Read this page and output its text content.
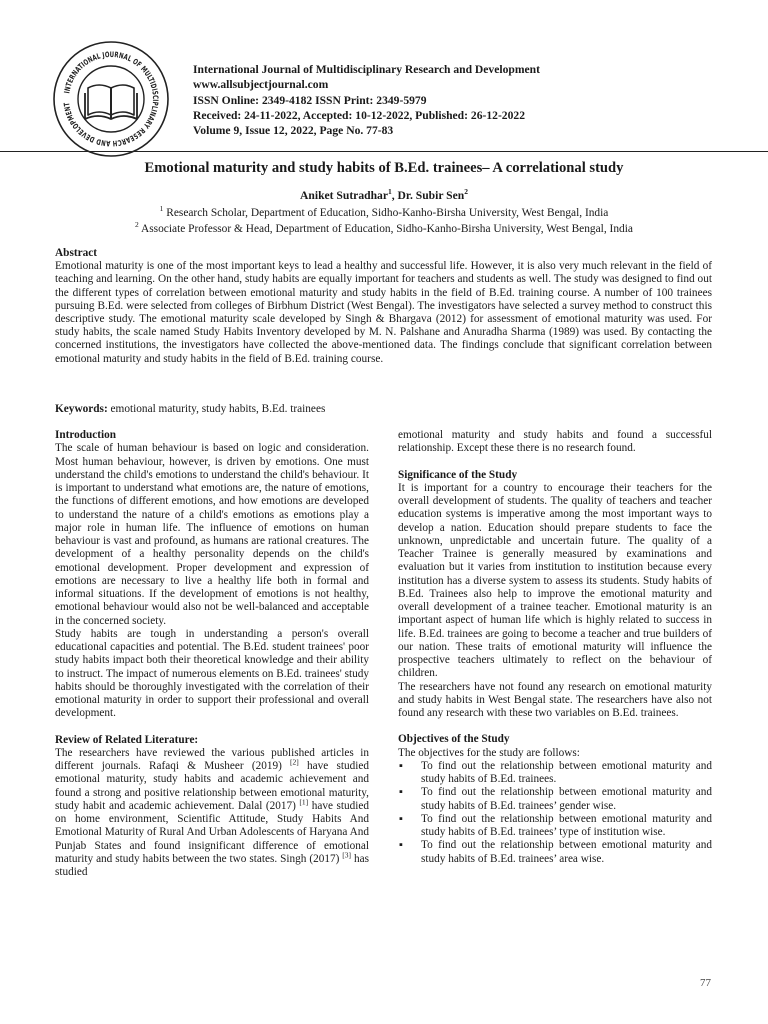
INTERNATIONAL JOURNAL OF MULTIDISCIPLINARY RESEARCH AND DEVELOPMENT
International Journal of Multidisciplinary Research and Development
www.allsubjectjournal.com
ISSN Online: 2349-4182 ISSN Print: 2349-5979
Received: 24-11-2022, Accepted: 10-12-2022, Published: 26-12-2022
Volume 9, Issue 12, 2022, Page No. 77-83
Emotional maturity and study habits of B.Ed. trainees– A correlational study
Aniket Sutradhar$^1$, Dr. Subir Sen$^2$
$^1$ Research Scholar, Department of Education, Sidho-Kanho-Birsha University, West Bengal, India
$^2$ Associate Professor & Head, Department of Education, Sidho-Kanho-Birsha University, West Bengal, India
Abstract

Emotional maturity is one of the most important keys to lead a healthy and successful life. However, it is also very much relevant in the field of teaching and learning. On the other hand, study habits are equally important for teachers and students as well. The study was designed to find out the different types of correlation between emotional maturity and study habits in the field of B.Ed. training course. A number of 100 trainees pursuing B.Ed. were selected from colleges of Birbhum District (West Bengal). The investigators have selected a survey method to construct this descriptive study. The emotional maturity scale developed by Singh & Bhargava (2012) for assessment of emotional maturity was used. For study habits, the scale named Study Habits Inventory developed by M. N. Palshane and Anuradha Sharma (1989) was used. By contacting the concerned institutions, the investigators have collected the above-mentioned data. The findings conclude that significant correlation between emotional maturity and study habits in the field of B.Ed. training course.

Keywords: emotional maturity, study habits, B.Ed. trainees
Introduction

The scale of human behaviour is based on logic and consideration. Most human behaviour, however, is driven by emotions. One must understand the child's emotions to understand the child's behaviour. It is important to understand what emotions are, the nature of emotions, the functions of different emotions, and how emotions are developed to understand the nature of a child's emotions as emotions play a major role in human life. The influence of emotions on human behaviour is vast and profound, as humans are rational creatures. The development of a healthy personality depends on the child's emotional development. Proper development and expression of emotions are necessary to live a healthy life both in formal and informal situations. If the development of emotions is not healthy, emotional behaviour would also not be well-balanced and acceptable in the concerned society.

Study habits are tough in understanding a person's overall educational capacities and potential. The B.Ed. student trainees' poor study habits impact both their theoretical knowledge and their ability to instruct. The impact of numerous elements on B.Ed. trainees' study habits should be thoroughly investigated with the correlation of their emotional maturity in order to support their professional and overall development.

Review of Related Literature:

The researchers have reviewed the various published articles in different journals. Rafaqi & Musheer (2019) [2] have studied emotional maturity, study habits and academic achievement and found a strong and positive relationship between emotional maturity, study habit and academic achievement. Dalal (2017) [1] have studied on home environment, Scientific Attitude, Study Habits And Emotional Maturity of Rural And Urban Adolescents of Haryana And Punjab States and found insignificant difference of emotional maturity and study habits between the two states. Singh (2017) [3] has studied

emotional maturity and study habits and found a successful relationship. Except these there is no research found.

Significance of the Study

It is important for a country to encourage their teachers for the overall development of students. The quality of teachers and teacher education systems is imperative among the most important ways to develop a nation. Education should prepare students to face the unknown, unpredictable and uncertain future. The quality of a Teacher Trainee is generally measured by examinations and evaluation but it varies from institution to institution because every institution has a diverse system to assess its students. Study habits of B.Ed. Trainees also help to improve the emotional maturity and overall development of a trainee teacher. Emotional maturity is an important aspect of human life which is highly related to success in life. B.Ed. trainees are going to become a teacher and true builders of our nation. These traits of emotional maturity will influence the prospective teachers ultimately to reflect on the behaviour of children.

The researchers have not found any research on emotional maturity and study habits in West Bengal state. The researchers have also not found any research with these two variables on B.Ed. trainees.

Objectives of the Study

The objectives for the study are follows:

▪ To find out the relationship between emotional maturity and study habits of B.Ed. trainees.
▪ To find out the relationship between emotional maturity and study habits of B.Ed. trainees’ gender wise.
▪ To find out the relationship between emotional maturity and study habits of B.Ed. trainees’ type of institution wise.
▪ To find out the relationship between emotional maturity and study habits of B.Ed. trainees’ area wise.
77
